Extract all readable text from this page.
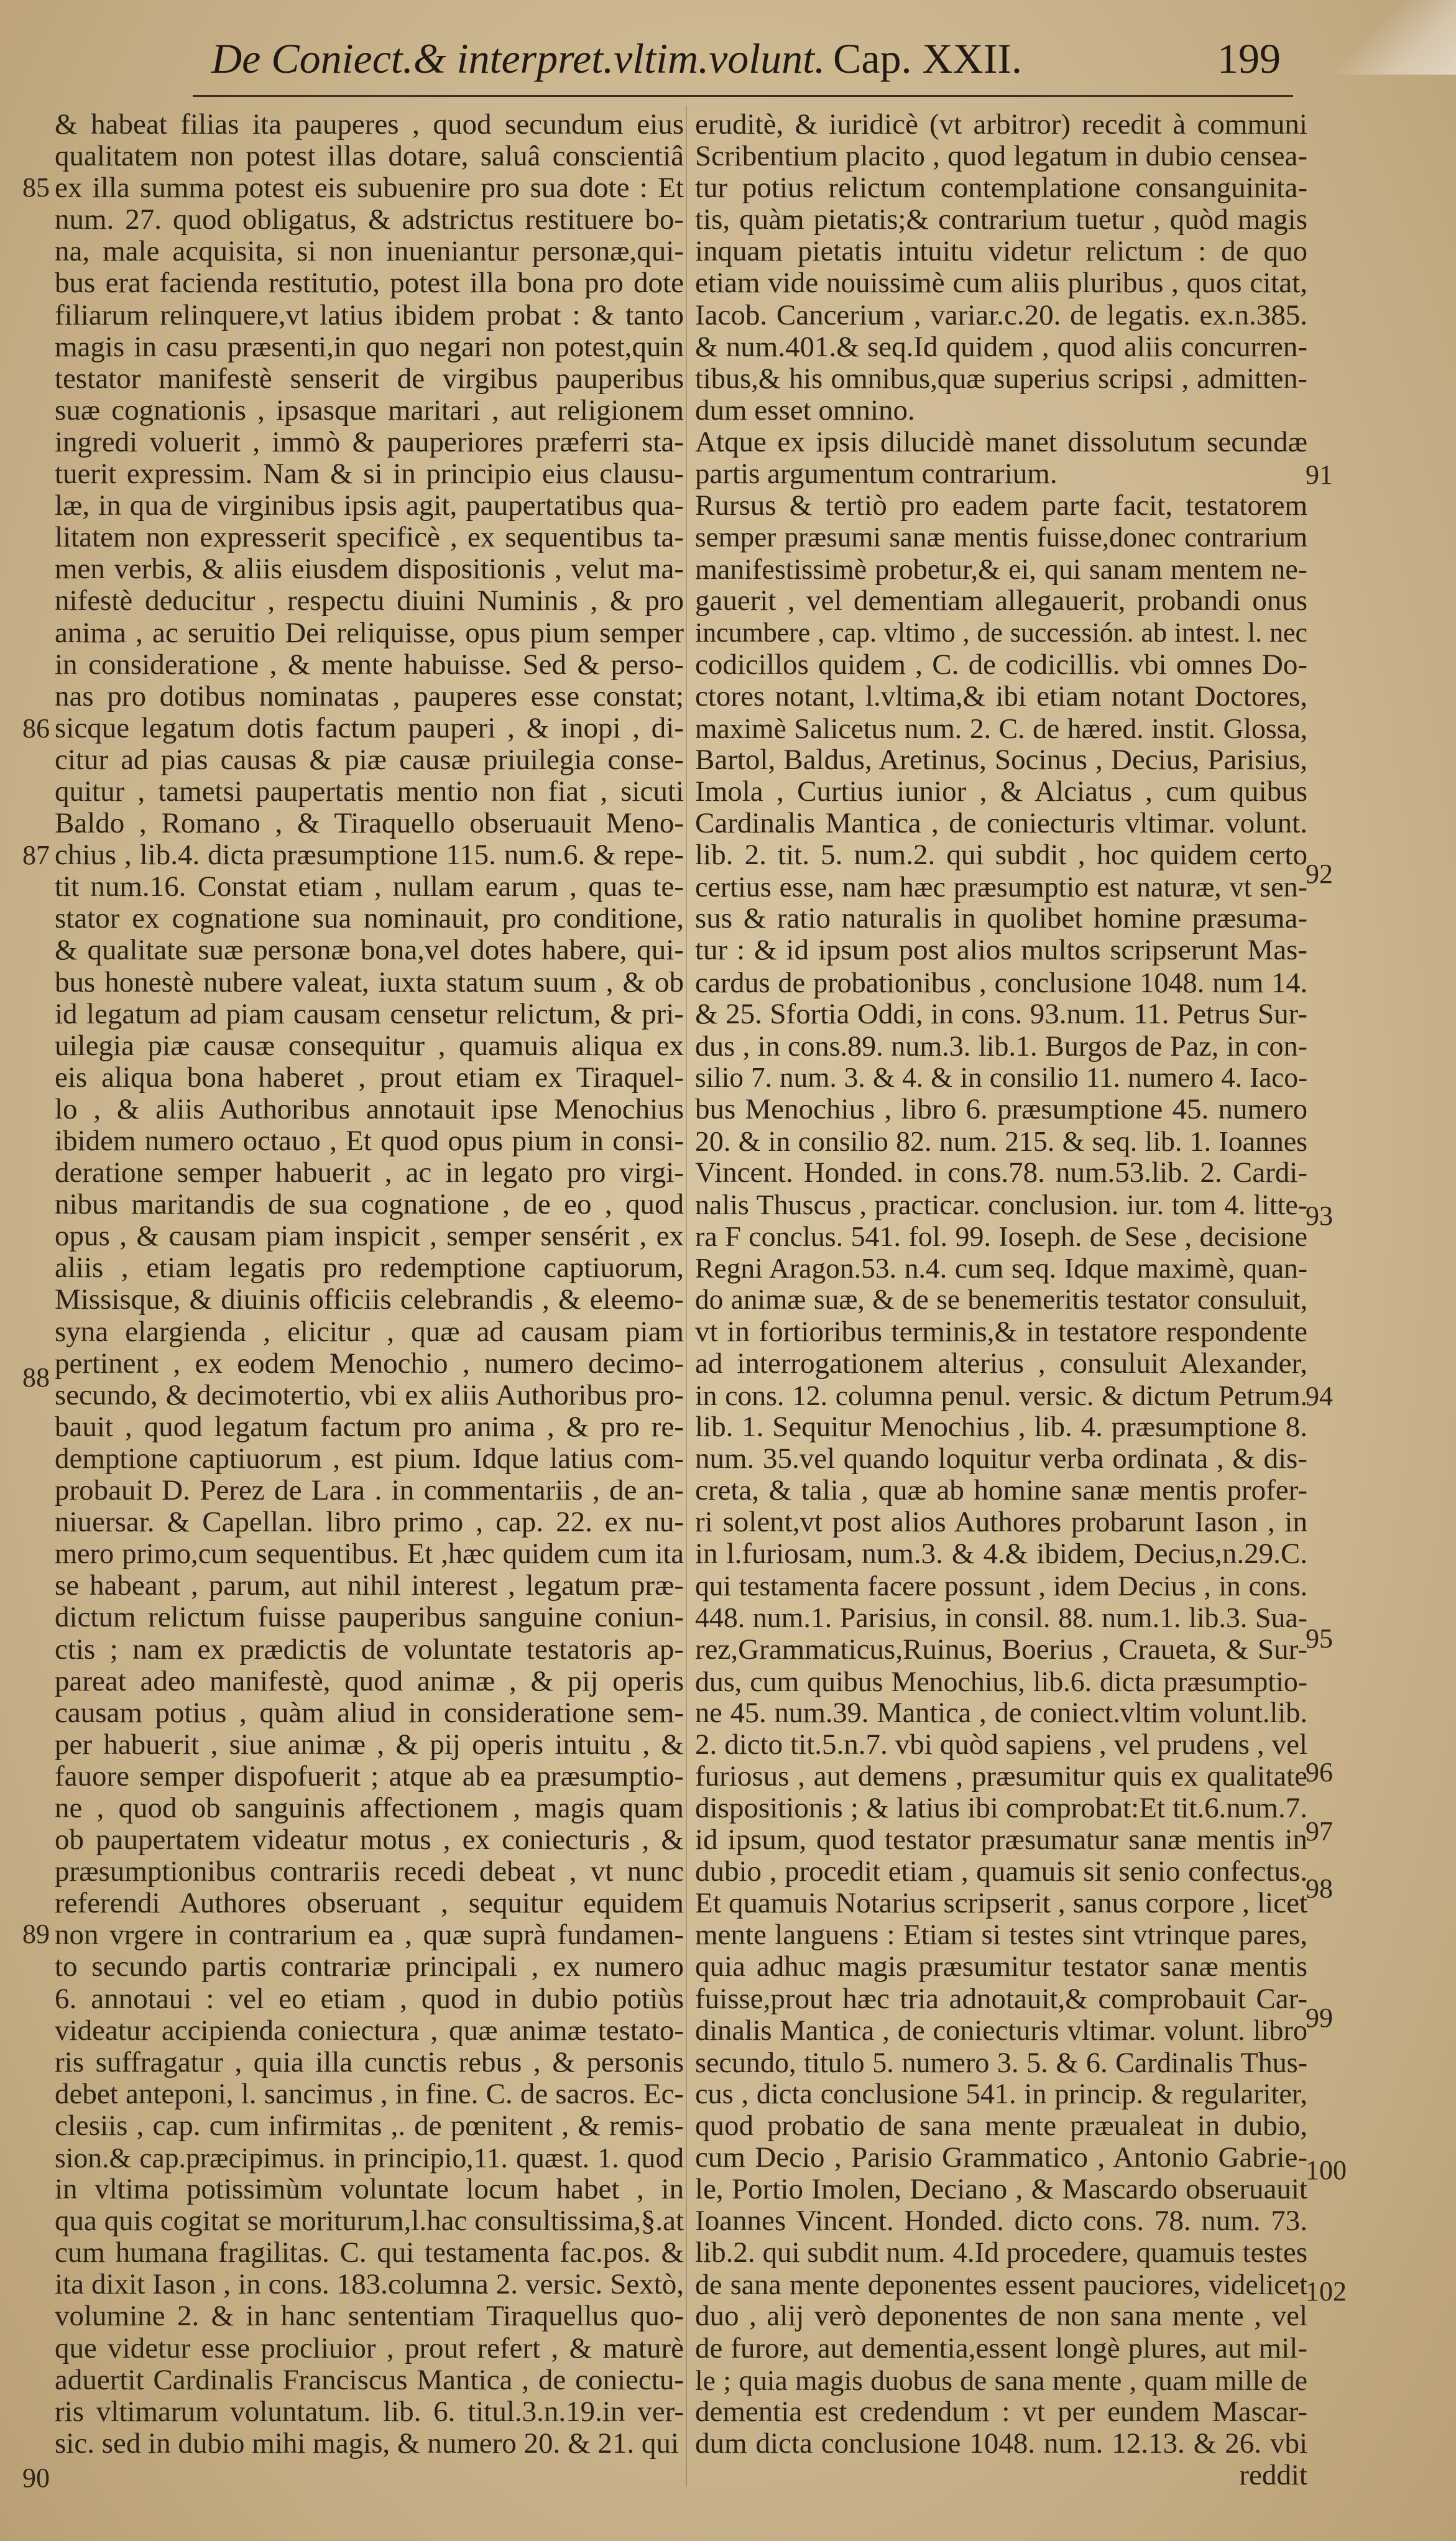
De Coniect.& interpret.vltim.volunt. Cap. XXII.	199
& habeat filias ita pauperes , quod secundum eius
qualitatem non potest illas dotare, saluâ conscientiâ
ex illa summa potest eis subuenire pro sua dote : Et
num. 27. quod obligatus, & adstrictus restituere bo-
na, male acquisita, si non inueniantur personæ,qui-
bus erat facienda restitutio, potest illa bona pro dote
filiarum relinquere,vt latius ibidem probat : & tanto
magis in casu præsenti,in quo negari non potest,quin
testator manifestè senserit de virgibus pauperibus
suæ cognationis , ipsasque maritari , aut religionem
ingredi voluerit , immò & pauperiores præferri sta-
tuerit expressim. Nam & si in principio eius clausu-
læ, in qua de virginibus ipsis agit, paupertatibus qua-
litatem non expresserit specificè , ex sequentibus ta-
men verbis, & aliis eiusdem dispositionis , velut ma-
nifestè deducitur , respectu diuini Numinis , & pro
anima , ac seruitio Dei reliquisse, opus pium semper
in consideratione , & mente habuisse. Sed & perso-
nas pro dotibus nominatas , pauperes esse constat;
sicque legatum dotis factum pauperi , & inopi , di-
citur ad pias causas & piæ causæ priuilegia conse-
quitur , tametsi paupertatis mentio non fiat , sicuti
Baldo , Romano , & Tiraquello obseruauit Meno-
chius , lib.4. dicta præsumptione 115. num.6. & repe-
tit num.16. Constat etiam , nullam earum , quas te-
stator ex cognatione sua nominauit, pro conditione,
& qualitate suæ personæ bona,vel dotes habere, qui-
bus honestè nubere valeat, iuxta statum suum , & ob
id legatum ad piam causam censetur relictum, & pri-
uilegia piæ causæ consequitur , quamuis aliqua ex
eis aliqua bona haberet , prout etiam ex Tiraquel-
lo , & aliis Authoribus annotauit ipse Menochius
ibidem numero octauo , Et quod opus pium in consi-
deratione semper habuerit , ac in legato pro virgi-
nibus maritandis de sua cognatione , de eo , quod
opus , & causam piam inspicit , semper sensérit , ex
aliis , etiam legatis pro redemptione captiuorum,
Missisque, & diuinis officiis celebrandis , & eleemo-
syna elargienda , elicitur , quæ ad causam piam
pertinent , ex eodem Menochio , numero decimo-
secundo, & decimotertio, vbi ex aliis Authoribus pro-
bauit , quod legatum factum pro anima , & pro re-
demptione captiuorum , est pium. Idque latius com-
probauit D. Perez de Lara . in commentariis , de an-
niuersar. & Capellan. libro primo , cap. 22. ex nu-
mero primo,cum sequentibus. Et ,hæc quidem cum ita
se habeant , parum, aut nihil interest , legatum præ-
dictum relictum fuisse pauperibus sanguine coniun-
ctis ; nam ex prædictis de voluntate testatoris ap-
pareat adeo manifestè, quod animæ , & pij operis
causam potius , quàm aliud in consideratione sem-
per habuerit , siue animæ , & pij operis intuitu , &
fauore semper dispofuerit ; atque ab ea præsumptio-
ne , quod ob sanguinis affectionem , magis quam
ob paupertatem videatur motus , ex coniecturis , &
præsumptionibus contrariis recedi debeat , vt nunc
referendi Authores obseruant , sequitur equidem
non vrgere in contrarium ea , quæ suprà fundamen-
to secundo partis contrariæ principali , ex numero
6. annotaui : vel eo etiam , quod in dubio potiùs
videatur accipienda coniectura , quæ animæ testato-
ris suffragatur , quia illa cunctis rebus , & personis
debet anteponi, l. sancimus , in fine. C. de sacros. Ec-
clesiis , cap. cum infirmitas ,. de pœnitent , & remis-
sion.& cap.præcipimus. in principio,11. quæst. 1. quod
in vltima potissimùm voluntate locum habet , in
qua quis cogitat se moriturum,l.hac consultissima,§.at
cum humana fragilitas. C. qui testamenta fac.pos. &
ita dixit Iason , in cons. 183.columna 2. versic. Sextò,
volumine 2. & in hanc sententiam Tiraquellus quo-
que videtur esse procliuior , prout refert , & maturè
aduertit Cardinalis Franciscus Mantica , de coniectu-
ris vltimarum voluntatum. lib. 6. titul.3.n.19.in ver-
sic. sed in dubio mihi magis, & numero 20. & 21. qui
eruditè, & iuridicè (vt arbitror) recedit à communi
Scribentium placito , quod legatum in dubio censea-
tur potius relictum contemplatione consanguinita-
tis, quàm pietatis;& contrarium tuetur , quòd magis
inquam pietatis intuitu videtur relictum : de quo
etiam vide nouissimè cum aliis pluribus , quos citat,
Iacob. Cancerium , variar.c.20. de legatis. ex.n.385.
& num.401.& seq.Id quidem , quod aliis concurren-
tibus,& his omnibus,quæ superius scripsi , admitten-
dum esset omnino.
Atque ex ipsis dilucidè manet dissolutum secundæ
partis argumentum contrarium.
Rursus & tertiò pro eadem parte facit, testatorem
semper præsumi sanæ mentis fuisse,donec contrarium
manifestissimè probetur,& ei, qui sanam mentem ne-
gauerit , vel dementiam allegauerit, probandi onus
incumbere , cap. vltimo , de successión. ab intest. l. nec
codicillos quidem , C. de codicillis. vbi omnes Do-
ctores notant, l.vltima,& ibi etiam notant Doctores,
maximè Salicetus num. 2. C. de hæred. instit. Glossa,
Bartol, Baldus, Aretinus, Socinus , Decius, Parisius,
Imola , Curtius iunior , & Alciatus , cum quibus
Cardinalis Mantica , de coniecturis vltimar. volunt.
lib. 2. tit. 5. num.2. qui subdit , hoc quidem certo
certius esse, nam hæc præsumptio est naturæ, vt sen-
sus & ratio naturalis in quolibet homine præsuma-
tur : & id ipsum post alios multos scripserunt Mas-
cardus de probationibus , conclusione 1048. num 14.
& 25. Sfortia Oddi, in cons. 93.num. 11. Petrus Sur-
dus , in cons.89. num.3. lib.1. Burgos de Paz, in con-
silio 7. num. 3. & 4. & in consilio 11. numero 4. Iaco-
bus Menochius , libro 6. præsumptione 45. numero
20. & in consilio 82. num. 215. & seq. lib. 1. Ioannes
Vincent. Honded. in cons.78. num.53.lib. 2. Cardi-
nalis Thuscus , practicar. conclusion. iur. tom 4. litte-
ra F conclus. 541. fol. 99. Ioseph. de Sese , decisione
Regni Aragon.53. n.4. cum seq. Idque maximè, quan-
do animæ suæ, & de se benemeritis testator consuluit,
vt in fortioribus terminis,& in testatore respondente
ad interrogationem alterius , consuluit Alexander,
in cons. 12. columna penul. versic. & dictum Petrum.
lib. 1. Sequitur Menochius , lib. 4. præsumptione 8.
num. 35.vel quando loquitur verba ordinata , & dis-
creta, & talia , quæ ab homine sanæ mentis profer-
ri solent,vt post alios Authores probarunt Iason , in
in l.furiosam, num.3. & 4.& ibidem, Decius,n.29.C.
qui testamenta facere possunt , idem Decius , in cons.
448. num.1. Parisius, in consil. 88. num.1. lib.3. Sua-
rez,Grammaticus,Ruinus, Boerius , Craueta, & Sur-
dus, cum quibus Menochius, lib.6. dicta præsumptio-
ne 45. num.39. Mantica , de coniect.vltim volunt.lib.
2. dicto tit.5.n.7. vbi quòd sapiens , vel prudens , vel
furiosus , aut demens , præsumitur quis ex qualitate
dispositionis ; & latius ibi comprobat:Et tit.6.num.7.
id ipsum, quod testator præsumatur sanæ mentis in
dubio , procedit etiam , quamuis sit senio confectus.
Et quamuis Notarius scripserit , sanus corpore , licet
mente languens : Etiam si testes sint vtrinque pares,
quia adhuc magis præsumitur testator sanæ mentis
fuisse,prout hæc tria adnotauit,& comprobauit Car-
dinalis Mantica , de coniecturis vltimar. volunt. libro
secundo, titulo 5. numero 3. 5. & 6. Cardinalis Thus-
cus , dicta conclusione 541. in princip. & regulariter,
quod probatio de sana mente præualeat in dubio,
cum Decio , Parisio Grammatico , Antonio Gabrie-
le, Portio Imolen, Deciano , & Mascardo obseruauit
Ioannes Vincent. Honded. dicto cons. 78. num. 73.
lib.2. qui subdit num. 4.Id procedere, quamuis testes
de sana mente deponentes essent pauciores, videlicet
duo , alij verò deponentes de non sana mente , vel
de furore, aut dementia,essent longè plures, aut mil-
le ; quia magis duobus de sana mente , quam mille de
dementia est credendum : vt per eundem Mascar-
dum dicta conclusione 1048. num. 12.13. & 26. vbi
reddit
85
86
87
88
89
90
91
92
93
94
95
96
97
98
99
100
102
